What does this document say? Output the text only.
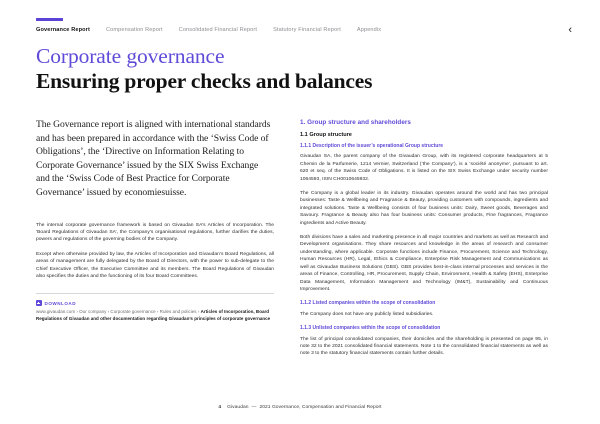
Governance Report	Compensation Report	Consolidated Financial Report	Statutory Financial Report	Appendix	‹
Corporate governance
Ensuring proper checks and balances

The Governance report is aligned with international standards and has been prepared in accordance with the ‘Swiss Code of Obligations’, the ‘Directive on Information Relating to Corporate Governance’ issued by the SIX Swiss Exchange and the ‘Swiss Code of Best Practice for Corporate Governance’ issued by economiesuisse.

The internal corporate governance framework is based on Givaudan SA’s Articles of Incorporation. The ‘Board Regulations of Givaudan SA’, the Company’s organisational regulations, further clarifies the duties, powers and regulations of the governing bodies of the Company.

Except when otherwise provided by law, the Articles of Incorporation and Givaudan’s Board Regulations, all areas of management are fully delegated by the Board of Directors, with the power to sub-delegate to the Chief Executive Officer, the Executive Committee and its members. The Board Regulations of Givaudan also specifies the duties and the functioning of its four Board Committees.

DOWNLOAD
www.givaudan.com › Our company › Corporate governance › Rules and policies › Articles of Incorporation, Board Regulations of Givaudan and other documentation regarding Givaudan’s principles of corporate governance
1. Group structure and shareholders
1.1 Group structure
1.1.1 Description of the issuer’s operational Group structure

Givaudan SA, the parent company of the Givaudan Group, with its registered corporate headquarters at 5 Chemin de la Parfumerie, 1214 Vernier, Switzerland (‘the Company’), is a ‘société anonyme’, pursuant to art. 620 et seq. of the Swiss Code of Obligations. It is listed on the SIX Swiss Exchange under security number 1064593, ISIN CH0010645932.

The Company is a global leader in its industry. Givaudan operates around the world and has two principal businesses: Taste & Wellbeing and Fragrance & Beauty, providing customers with compounds, ingredients and integrated solutions. Taste & Wellbeing consists of four business units: Dairy, Sweet goods, Beverages and Savoury. Fragrance & Beauty also has four business units: Consumer products, Fine fragrances, Fragrance ingredients and Active Beauty.

Both divisions have a sales and marketing presence in all major countries and markets as well as Research and Development organisations. They share resources and knowledge in the areas of research and consumer understanding, where applicable. Corporate functions include Finance, Procurement, Science and Technology, Human Resources (HR), Legal, Ethics & Compliance, Enterprise Risk Management and Communications as well as Givaudan Business Solutions (GBS). GBS provides best-in-class internal processes and services in the areas of Finance, Controlling, HR, Procurement, Supply Chain, Environment, Health & Safety (EHS), Enterprise Data Management, Information Management and Technology (IM&T), Sustainability and Continuous Improvement.

1.1.2 Listed companies within the scope of consolidation

The Company does not have any publicly listed subsidiaries.

1.1.3 Unlisted companies within the scope of consolidation

The list of principal consolidated companies, their domiciles and the shareholding is presented on page 95, in note 32 to the 2021 consolidated financial statements. Note 1 to the consolidated financial statements as well as note 3 to the statutory financial statements contain further details.

4 Givaudan — 2021 Governance, Compensation and Financial Report
